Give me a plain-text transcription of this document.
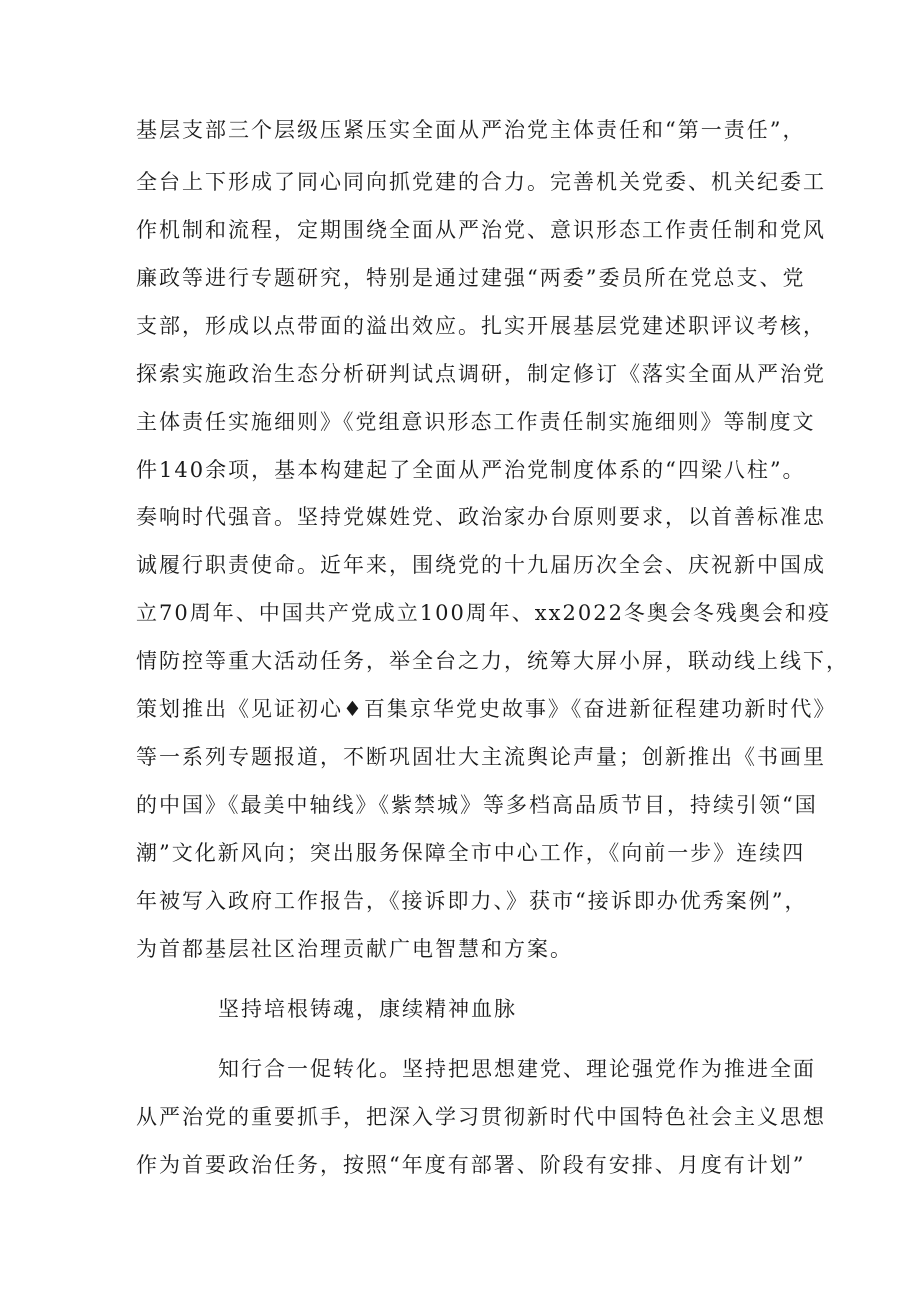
基层支部三个层级压紧压实全面从严治党主体责任和“第一责任”，
全台上下形成了同心同向抓党建的合力。完善机关党委、机关纪委工
作机制和流程，定期围绕全面从严治党、意识形态工作责任制和党风
廉政等进行专题研究，特别是通过建强“两委”委员所在党总支、党
支部，形成以点带面的溢出效应。扎实开展基层党建述职评议考核，
探索实施政治生态分析研判试点调研，制定修订《落实全面从严治党
主体责任实施细则》《党组意识形态工作责任制实施细则》等制度文
件140余项，基本构建起了全面从严治党制度体系的“四梁八柱”。
奏响时代强音。坚持党媒姓党、政治家办台原则要求，以首善标准忠
诚履行职责使命。近年来，围绕党的十九届历次全会、庆祝新中国成
立70周年、中国共产党成立100周年、xx2022冬奥会冬残奥会和疫
情防控等重大活动任务，举全台之力，统筹大屏小屏，联动线上线下，
策划推出《见证初心♦百集京华党史故事》《奋进新征程建功新时代》
等一系列专题报道，不断巩固壮大主流舆论声量；创新推出《书画里
的中国》《最美中轴线》《紫禁城》等多档高品质节目，持续引领“国
潮”文化新风向；突出服务保障全市中心工作，《向前一步》连续四
年被写入政府工作报告，《接诉即力、》获市“接诉即办优秀案例”，
为首都基层社区治理贡献广电智慧和方案。
坚持培根铸魂，康续精神血脉
知行合一促转化。坚持把思想建党、理论强党作为推进全面
从严治党的重要抓手，把深入学习贯彻新时代中国特色社会主义思想
作为首要政治任务，按照“年度有部署、阶段有安排、月度有计划”
